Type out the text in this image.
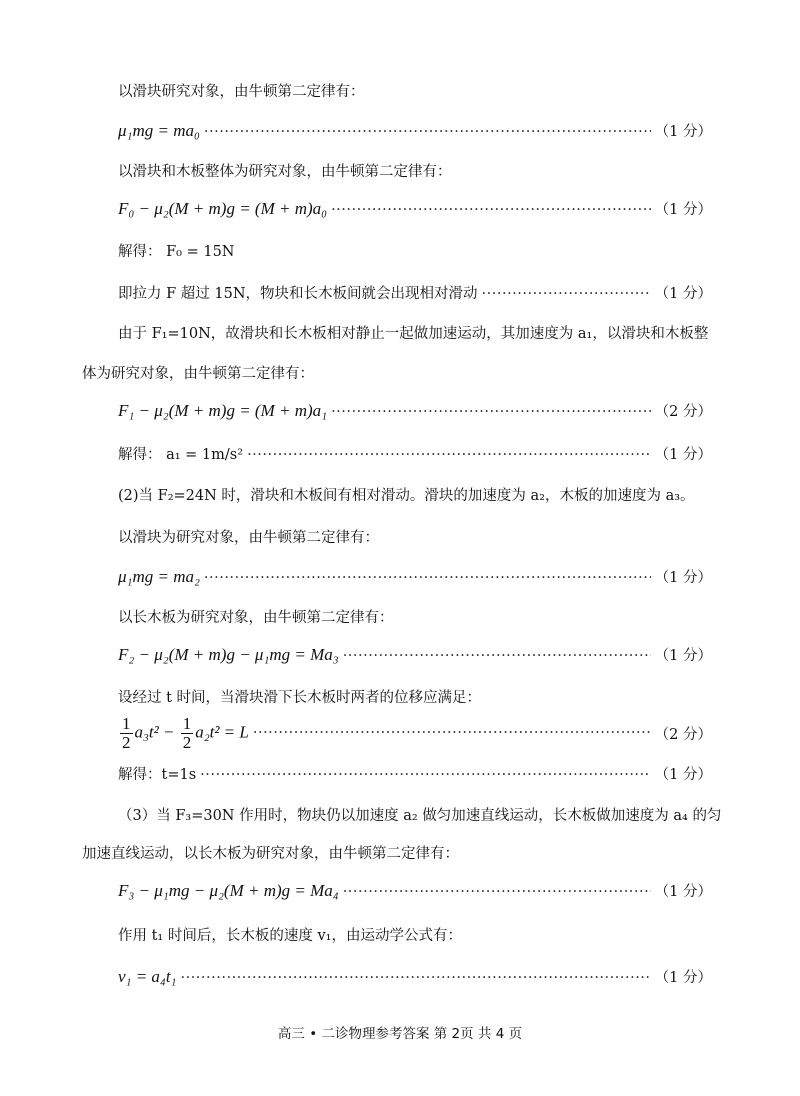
以滑块研究对象，由牛顿第二定律有：
μ₁mg = ma₀ ·····	（1 分）
以滑块和木板整体为研究对象，由牛顿第二定律有：
F₀ − μ₂(M + m)g = (M + m)a₀ ·····	（1 分）
解得： F₀ = 15N
即拉力 F 超过 15N，物块和长木板间就会出现相对滑动 ·····	（1 分）
由于 F₁=10N，故滑块和长木板相对静止一起做加速运动，其加速度为 a₁，以滑块和木板整
体为研究对象，由牛顿第二定律有：
F₁ − μ₂(M + m)g = (M + m)a₁ ·····	（2 分）
解得： a₁ = 1m/s² ·····	（1 分）
(2)当 F₂=24N 时，滑块和木板间有相对滑动。滑块的加速度为 a₂，木板的加速度为 a₃。
以滑块为研究对象，由牛顿第二定律有：
μ₁mg = ma₂ ·····	（1 分）
以长木板为研究对象，由牛顿第二定律有：
F₂ − μ₂(M + m)g − μ₁mg = Ma₃ ·····	（1 分）
设经过 t 时间，当滑块滑下长木板时两者的位移应满足：
$\frac{1}{2} a_3t^2 - \frac{1}{2} a_2t^2 = L$ ·····	（2 分）
解得：t=1s ·····	（1 分）
（3）当 F₃=30N 作用时，物块仍以加速度 a₂ 做匀加速直线运动，长木板做加速度为 a₄ 的匀
加速直线运动，以长木板为研究对象，由牛顿第二定律有：
F₃ − μ₁mg − μ₂(M + m)g = Ma₄ ·····	（1 分）
作用 t₁ 时间后，长木板的速度 v₁，由运动学公式有：
v₁ = a₄t₁ ·····	（1 分）
高三 • 二诊物理参考答案 第 2页 共 4 页
